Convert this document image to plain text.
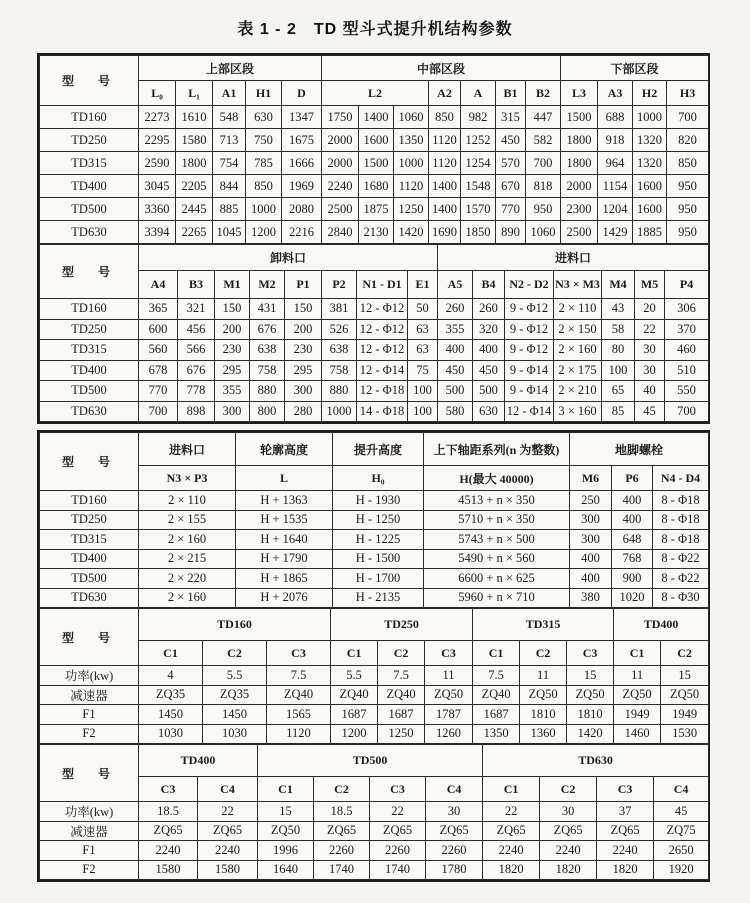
表 1 - 2　TD 型斗式提升机结构参数
型　号	上部区段					中部区段							下部区段			
	L₀	L₁	A1	H1	D	L2			A2	A	B1	B2	L3	A3	H2	H3
TD160	2273	1610	548	630	1347	1750	1400	1060	850	982	315	447	1500	688	1000	700
TD250	2295	1580	713	750	1675	2000	1600	1350	1120	1252	450	582	1800	918	1320	820
TD315	2590	1800	754	785	1666	2000	1500	1000	1120	1254	570	700	1800	964	1320	850
TD400	3045	2205	844	850	1969	2240	1680	1120	1400	1548	670	818	2000	1154	1600	950
TD500	3360	2445	885	1000	2080	2500	1875	1250	1400	1570	770	950	2300	1204	1600	950
TD630	3394	2265	1045	1200	2216	2840	2130	1420	1690	1850	890	1060	2500	1429	1885	950
型　号	卸料口								进料口						
	A4	B3	M1	M2	P1	P2	N1 - D1	E1	A5	B4	N2 - D2	N3 × M3	M4	M5	P4
TD160	365	321	150	431	150	381	12 - Φ12	50	260	260	9 - Φ12	2 × 110	43	20	306
TD250	600	456	200	676	200	526	12 - Φ12	63	355	320	9 - Φ12	2 × 150	58	22	370
TD315	560	566	230	638	230	638	12 - Φ12	63	400	400	9 - Φ12	2 × 160	80	30	460
TD400	678	676	295	758	295	758	12 - Φ14	75	450	450	9 - Φ14	2 × 175	100	30	510
TD500	770	778	355	880	300	880	12 - Φ18	100	500	500	9 - Φ14	2 × 210	65	40	550
TD630	700	898	300	800	280	1000	14 - Φ18	100	580	630	12 - Φ14	3 × 160	85	45	700
型　号	进料口	轮廓高度	提升高度	上下轴距系列(n 为整数)	地脚螺栓		
	N3 × P3	L	H₀	H(最大 40000)	M6	P6	N4 - D4
TD160	2 × 110	H + 1363	H - 1930	4513 + n × 350	250	400	8 - Φ18
TD250	2 × 155	H + 1535	H - 1250	5710 + n × 350	300	400	8 - Φ18
TD315	2 × 160	H + 1640	H - 1225	5743 + n × 500	300	648	8 - Φ18
TD400	2 × 215	H + 1790	H - 1500	5490 + n × 560	400	768	8 - Φ22
TD500	2 × 220	H + 1865	H - 1700	6600 + n × 625	400	900	8 - Φ22
TD630	2 × 160	H + 2076	H - 2135	5960 + n × 710	380	1020	8 - Φ30
型　号	TD160			TD250			TD315			TD400	
	C1	C2	C3	C1	C2	C3	C1	C2	C3	C1	C2
功率(kw)	4	5.5	7.5	5.5	7.5	11	7.5	11	15	11	15
减速器	ZQ35	ZQ35	ZQ40	ZQ40	ZQ40	ZQ50	ZQ40	ZQ50	ZQ50	ZQ50	ZQ50
F1	1450	1450	1565	1687	1687	1787	1687	1810	1810	1949	1949
F2	1030	1030	1120	1200	1250	1260	1350	1360	1420	1460	1530
型　号	TD400		TD500				TD630			
	C3	C4	C1	C2	C3	C4	C1	C2	C3	C4
功率(kw)	18.5	22	15	18.5	22	30	22	30	37	45
减速器	ZQ65	ZQ65	ZQ50	ZQ65	ZQ65	ZQ65	ZQ65	ZQ65	ZQ65	ZQ75
F1	2240	2240	1996	2260	2260	2260	2240	2240	2240	2650
F2	1580	1580	1640	1740	1740	1780	1820	1820	1820	1920
